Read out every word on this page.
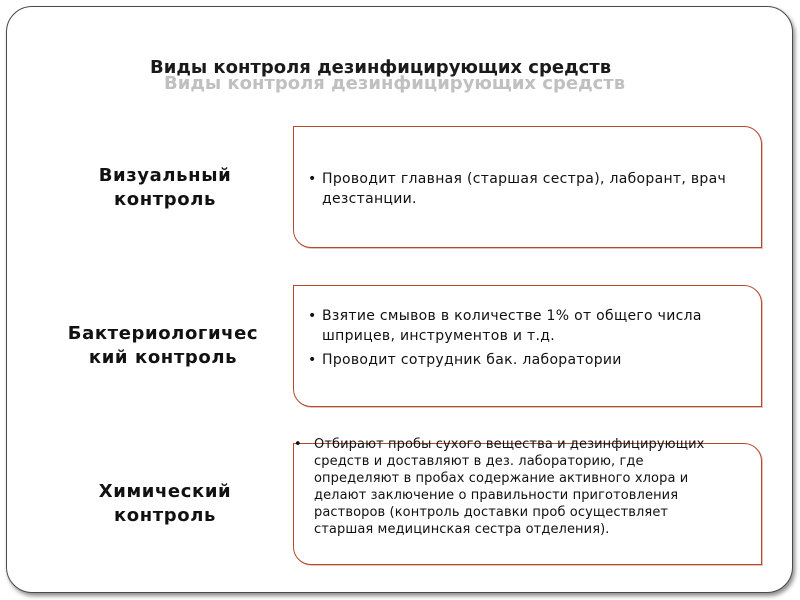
Виды контроля дезинфицирующих средств
Виды контроля дезинфицирующих средств
Визуальный
контроль
• Проводит главная (старшая сестра), лаборант, врач дезстанции.
Бактериологичес
кий контроль
• Взятие смывов в количестве 1% от общего числа шприцев, инструментов и т.д.
• Проводит сотрудник бак. лаборатории
Химический
контроль
• Отбирают пробы сухого вещества и дезинфицирующих средств и доставляют в дез. лабораторию, где определяют в пробах содержание активного хлора и делают заключение о правильности приготовления растворов (контроль доставки проб осуществляет старшая медицинская сестра отделения).
